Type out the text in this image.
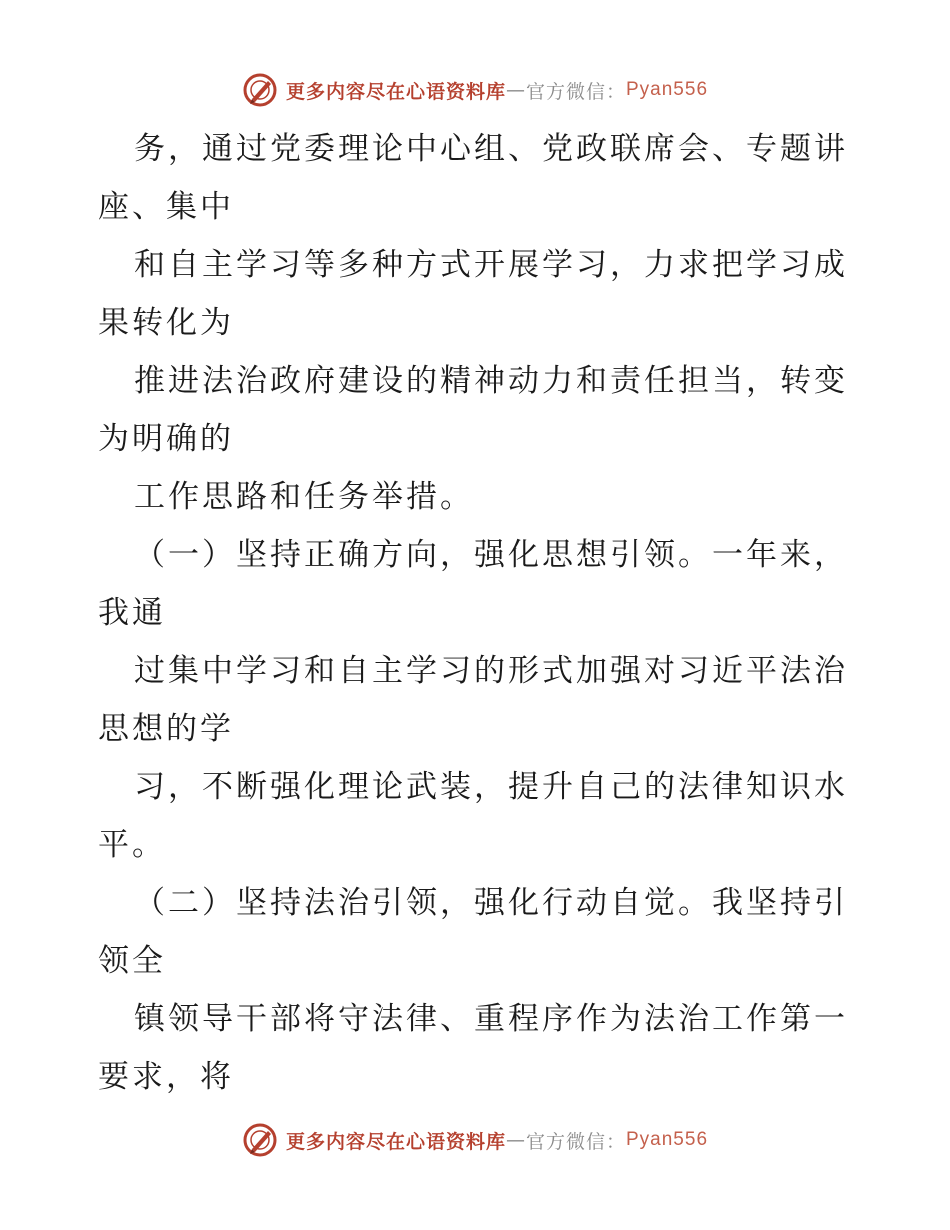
更多内容尽在心语资料库 — 官方微信： Pyan556
务，通过党委理论中心组、党政联席会、专题讲
座、集中
和自主学习等多种方式开展学习，力求把学习成
果转化为
推进法治政府建设的精神动力和责任担当，转变
为明确的
工作思路和任务举措。
（一）坚持正确方向，强化思想引领。一年来，
我通
过集中学习和自主学习的形式加强对习近平法治
思想的学
习，不断强化理论武装，提升自己的法律知识水
平。
（二）坚持法治引领，强化行动自觉。我坚持引
领全
镇领导干部将守法律、重程序作为法治工作第一
要求，将
更多内容尽在心语资料库 — 官方微信： Pyan556
